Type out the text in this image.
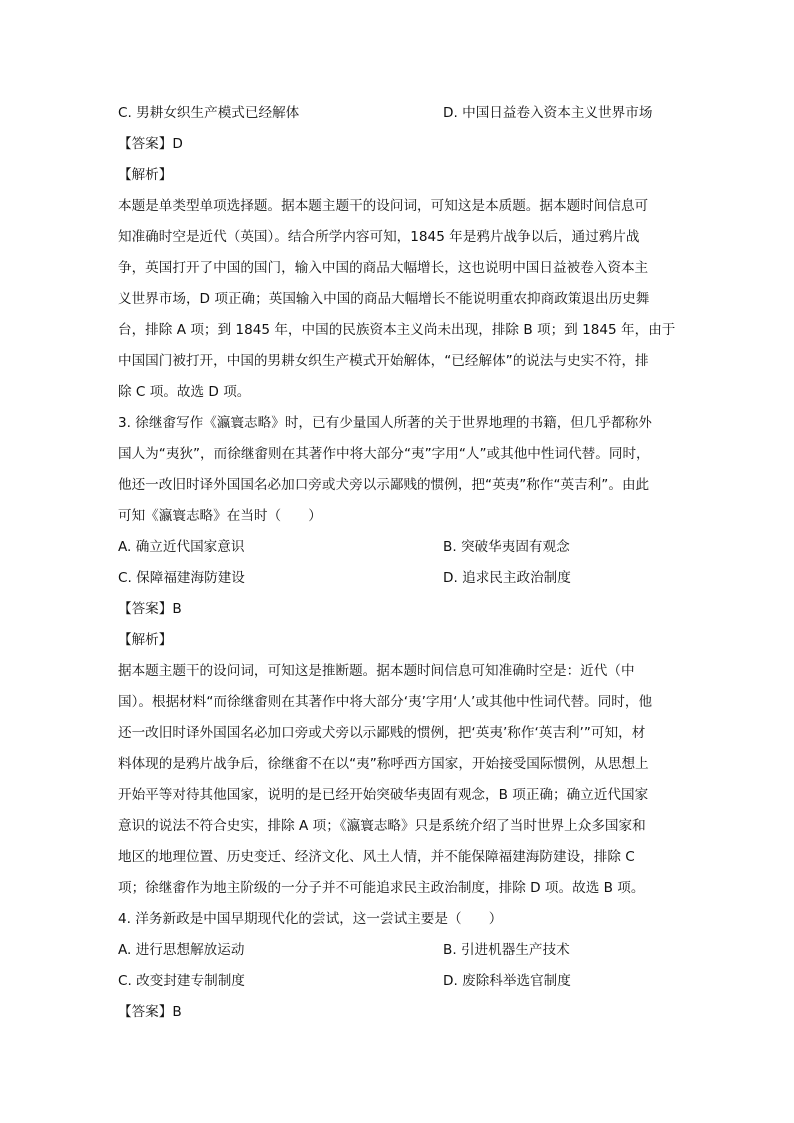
C. 男耕女织生产模式已经解体	D. 中国日益卷入资本主义世界市场
【答案】D
【解析】
本题是单类型单项选择题。据本题主题干的设问词，可知这是本质题。据本题时间信息可
知准确时空是近代（英国）。结合所学内容可知，1845 年是鸦片战争以后，通过鸦片战
争，英国打开了中国的国门，输入中国的商品大幅增长，这也说明中国日益被卷入资本主
义世界市场，D 项正确；英国输入中国的商品大幅增长不能说明重农抑商政策退出历史舞
台，排除 A 项；到 1845 年，中国的民族资本主义尚未出现，排除 B 项；到 1845 年，由于
中国国门被打开，中国的男耕女织生产模式开始解体，“已经解体”的说法与史实不符，排
除 C 项。故选 D 项。
3. 徐继畬写作《瀛寰志略》时，已有少量国人所著的关于世界地理的书籍，但几乎都称外
国人为“夷狄”，而徐继畬则在其著作中将大部分“夷”字用“人”或其他中性词代替。同时，
他还一改旧时译外国国名必加口旁或犬旁以示鄙贱的惯例，把“英夷”称作“英吉利”。由此
可知《瀛寰志略》在当时（　　）
A. 确立近代国家意识	B. 突破华夷固有观念
C. 保障福建海防建设	D. 追求民主政治制度
【答案】B
【解析】
据本题主题干的设问词，可知这是推断题。据本题时间信息可知准确时空是：近代（中
国）。根据材料“而徐继畬则在其著作中将大部分‘夷’字用‘人’或其他中性词代替。同时，他
还一改旧时译外国国名必加口旁或犬旁以示鄙贱的惯例，把‘英夷’称作‘英吉利’”可知，材
料体现的是鸦片战争后，徐继畬不在以“夷”称呼西方国家，开始接受国际惯例，从思想上
开始平等对待其他国家，说明的是已经开始突破华夷固有观念，B 项正确；确立近代国家
意识的说法不符合史实，排除 A 项；《瀛寰志略》只是系统介绍了当时世界上众多国家和
地区的地理位置、历史变迁、经济文化、风土人情，并不能保障福建海防建设，排除 C
项；徐继畬作为地主阶级的一分子并不可能追求民主政治制度，排除 D 项。故选 B 项。
4. 洋务新政是中国早期现代化的尝试，这一尝试主要是（　　）
A. 进行思想解放运动	B. 引进机器生产技术
C. 改变封建专制制度	D. 废除科举选官制度
【答案】B
